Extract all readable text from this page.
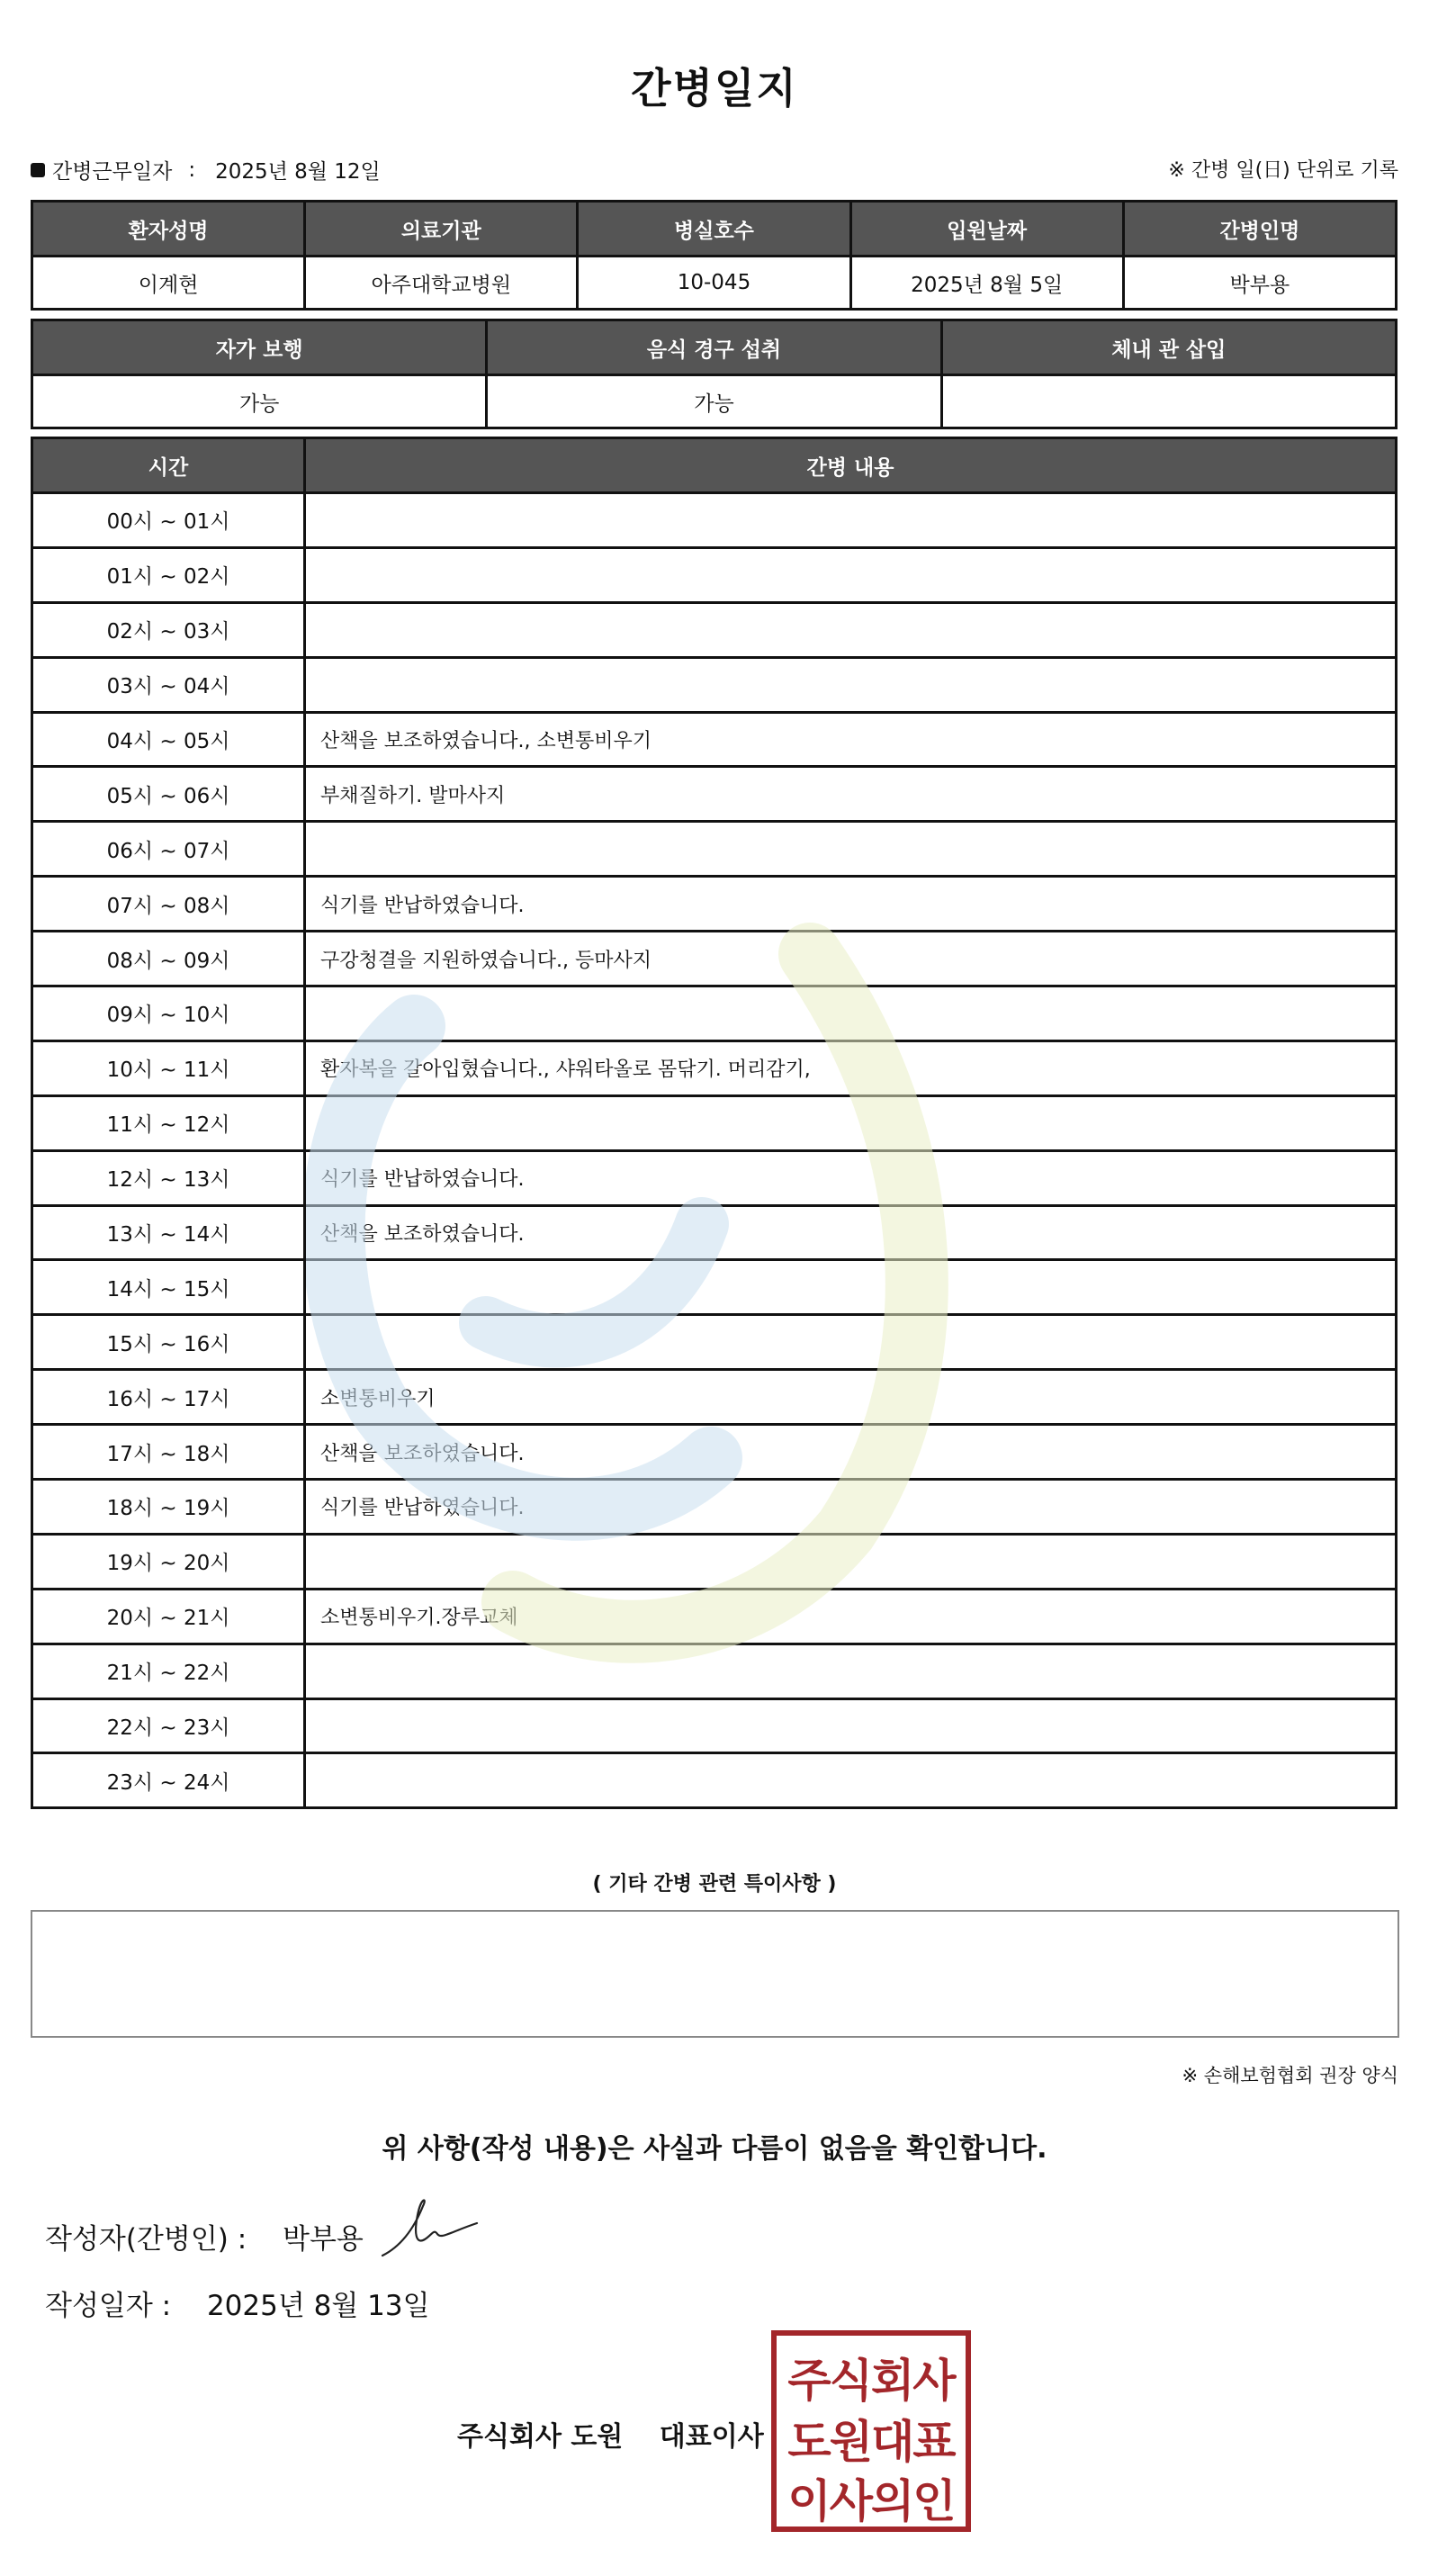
간병일지
간병근무일자 : 2025년 8월 12일	※ 간병 일(日) 단위로 기록
환자성명	의료기관	병실호수	입원날짜	간병인명
이계현	아주대학교병원	10-045	2025년 8월 5일	박부용
자가 보행	음식 경구 섭취	체내 관 삽입
가능	가능	
시간	간병 내용
00시 ~ 01시	
01시 ~ 02시	
02시 ~ 03시	
03시 ~ 04시	
04시 ~ 05시	산책을 보조하였습니다., 소변통비우기
05시 ~ 06시	부채질하기. 발마사지
06시 ~ 07시	
07시 ~ 08시	식기를 반납하였습니다.
08시 ~ 09시	구강청결을 지원하였습니다., 등마사지
09시 ~ 10시	
10시 ~ 11시	환자복을 갈아입혔습니다., 샤워타올로 몸닦기. 머리감기,
11시 ~ 12시	
12시 ~ 13시	식기를 반납하였습니다.
13시 ~ 14시	산책을 보조하였습니다.
14시 ~ 15시	
15시 ~ 16시	
16시 ~ 17시	소변통비우기
17시 ~ 18시	산책을 보조하였습니다.
18시 ~ 19시	식기를 반납하였습니다.
19시 ~ 20시	
20시 ~ 21시	소변통비우기.장루교체
21시 ~ 22시	
22시 ~ 23시	
23시 ~ 24시	
( 기타 간병 관련 특이사항 )
※ 손해보험협회 권장 양식
위 사항(작성 내용)은 사실과 다름이 없음을 확인합니다.
작성자(간병인) : 박부용
작성일자 : 2025년 8월 13일
주식회사 도원 대표이사
주식회사
도원대표
이사의인
